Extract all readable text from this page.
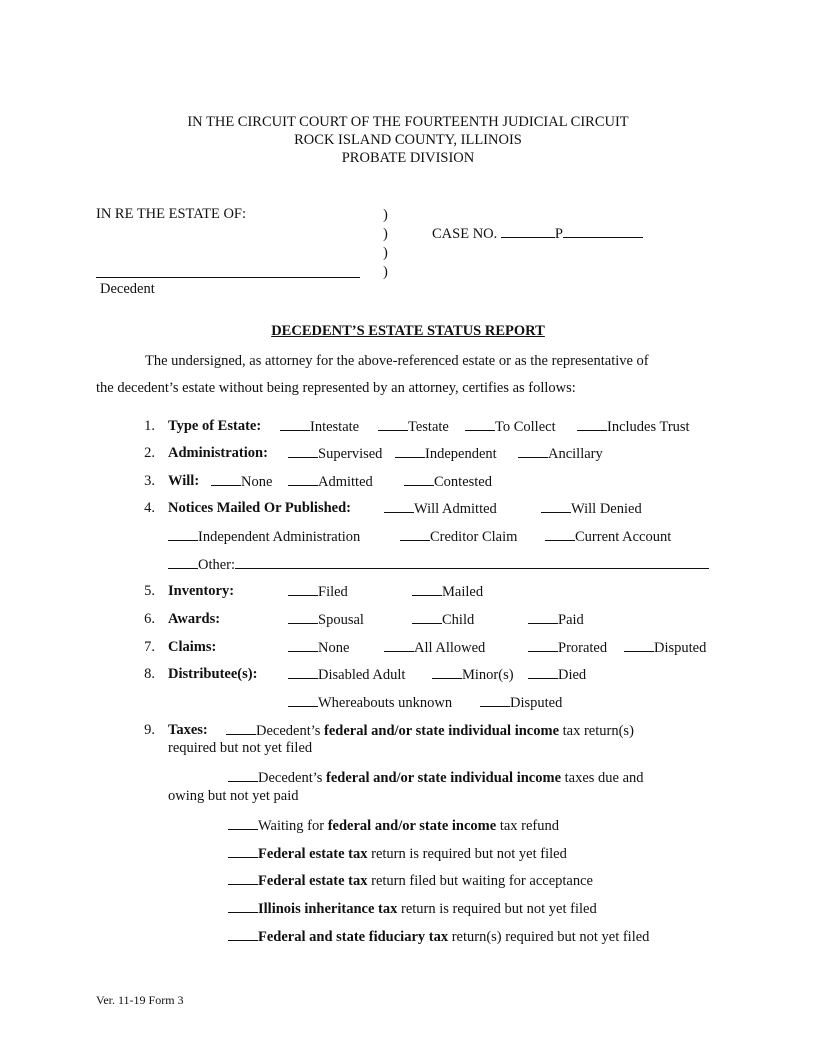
IN THE CIRCUIT COURT OF THE FOURTEENTH JUDICIAL CIRCUIT
ROCK ISLAND COUNTY, ILLINOIS
PROBATE DIVISION
IN RE THE ESTATE OF:	)
)
)
)
CASE NO.	P
Decedent
DECEDENT’S ESTATE STATUS REPORT
The undersigned, as attorney for the above-referenced estate or as the representative of
the decedent’s estate without being represented by an attorney, certifies as follows:
1. Type of Estate:	Intestate	Testate	To Collect	Includes Trust
2. Administration:	Supervised	Independent	Ancillary
3. Will:	None	Admitted	Contested
4. Notices Mailed Or Published:	Will Admitted	Will Denied
Independent Administration	Creditor Claim	Current Account
Other:
5. Inventory:	Filed	Mailed
6. Awards:	Spousal	Child	Paid
7. Claims:	None	All Allowed	Prorated	Disputed
8. Distributee(s):	Disabled Adult	Minor(s)	Died
Whereabouts unknown	Disputed
9. Taxes:	Decedent’s federal and/or state individual income tax return(s)
required but not yet filed
Decedent’s federal and/or state individual income taxes due and
owing but not yet paid
Waiting for federal and/or state income tax refund
Federal estate tax return is required but not yet filed
Federal estate tax return filed but waiting for acceptance
Illinois inheritance tax return is required but not yet filed
Federal and state fiduciary tax return(s) required but not yet filed
Ver. 11-19 Form 3
